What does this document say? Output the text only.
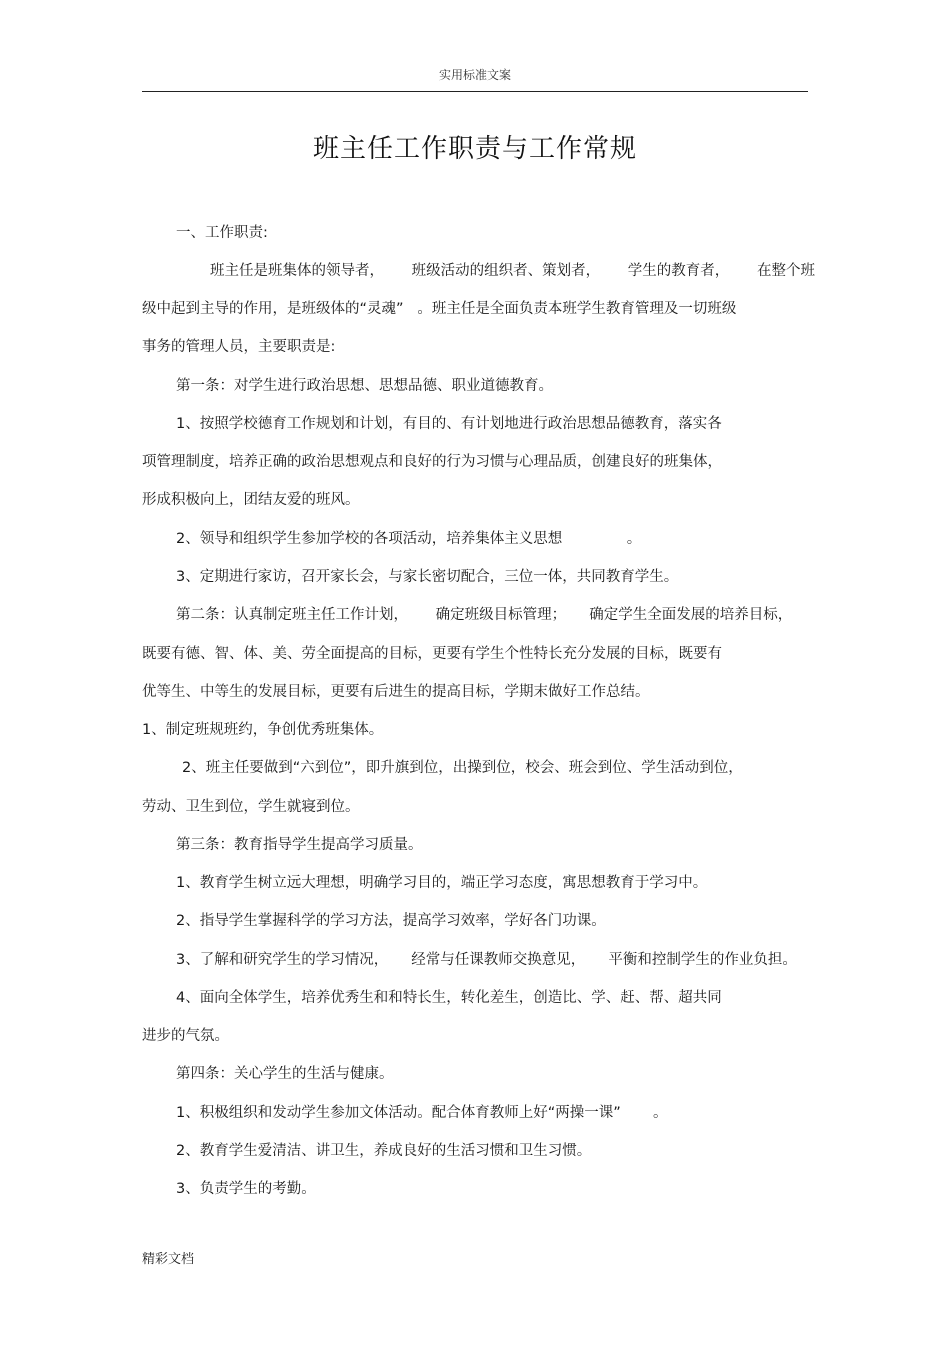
实用标准文案
班主任工作职责与工作常规
一、工作职责:
班主任是班集体的领导者，      班级活动的组织者、策划者，      学生的教育者，      在整个班
级中起到主导的作用，是班级体的“灵魂”   。班主任是全面负责本班学生教育管理及一切班级
事务的管理人员，主要职责是:
第一条：对学生进行政治思想、思想品德、职业道德教育。
1、按照学校德育工作规划和计划，有目的、有计划地进行政治思想品德教育，落实各
项管理制度，培养正确的政治思想观点和良好的行为习惯与心理品质，创建良好的班集体，
形成积极向上，团结友爱的班风。
2、领导和组织学生参加学校的各项活动，培养集体主义思想              。
3、定期进行家访，召开家长会，与家长密切配合，三位一体，共同教育学生。
第二条：认真制定班主任工作计划，      确定班级目标管理；     确定学生全面发展的培养目标，
既要有德、智、体、美、劳全面提高的目标，更要有学生个性特长充分发展的目标，既要有
优等生、中等生的发展目标，更要有后进生的提高目标，学期末做好工作总结。
1、制定班规班约，争创优秀班集体。
2、班主任要做到“六到位”，即升旗到位，出操到位，校会、班会到位、学生活动到位，
劳动、卫生到位，学生就寝到位。
第三条：教育指导学生提高学习质量。
1、教育学生树立远大理想，明确学习目的，端正学习态度，寓思想教育于学习中。
2、指导学生掌握科学的学习方法，提高学习效率，学好各门功课。
3、了解和研究学生的学习情况，     经常与任课教师交换意见，     平衡和控制学生的作业负担。
4、面向全体学生，培养优秀生和和特长生，转化差生，创造比、学、赶、帮、超共同
进步的气氛。
第四条：关心学生的生活与健康。
1、积极组织和发动学生参加文体活动。配合体育教师上好“两操一课”       。
2、教育学生爱清洁、讲卫生，养成良好的生活习惯和卫生习惯。
3、负责学生的考勤。
精彩文档
